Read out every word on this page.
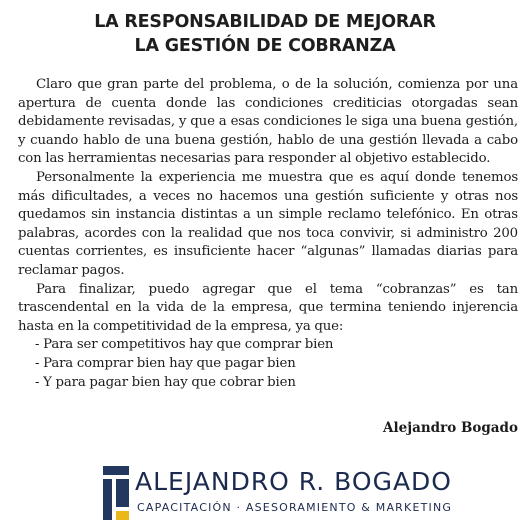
LA RESPONSABILIDAD DE MEJORAR
LA GESTIÓN DE COBRANZA

Claro que gran parte del problema, o de la solución, comienza por una apertura de cuenta donde las condiciones crediticias otorgadas sean debidamente revisadas, y que a esas condiciones le siga una buena gestión, y cuando hablo de una buena gestión, hablo de una gestión llevada a cabo con las herramientas necesarias para responder al objetivo establecido.

Personalmente la experiencia me muestra que es aquí donde tenemos más dificultades, a veces no hacemos una gestión suficiente y otras nos quedamos sin instancia distintas a un simple reclamo telefónico. En otras palabras, acordes con la realidad que nos toca convivir, si administro 200 cuentas corrientes, es insuficiente hacer “algunas” llamadas diarias para reclamar pagos.

Para finalizar, puedo agregar que el tema “cobranzas” es tan trascendental en la vida de la empresa, que termina teniendo injerencia hasta en la competitividad de la empresa, ya que:

- Para ser competitivos hay que comprar bien
- Para comprar bien hay que pagar bien
- Y para pagar bien hay que cobrar bien
Alejandro Bogado
ALEJANDRO R. BOGADO
CAPACITACIÓN · ASESORAMIENTO & MARKETING
